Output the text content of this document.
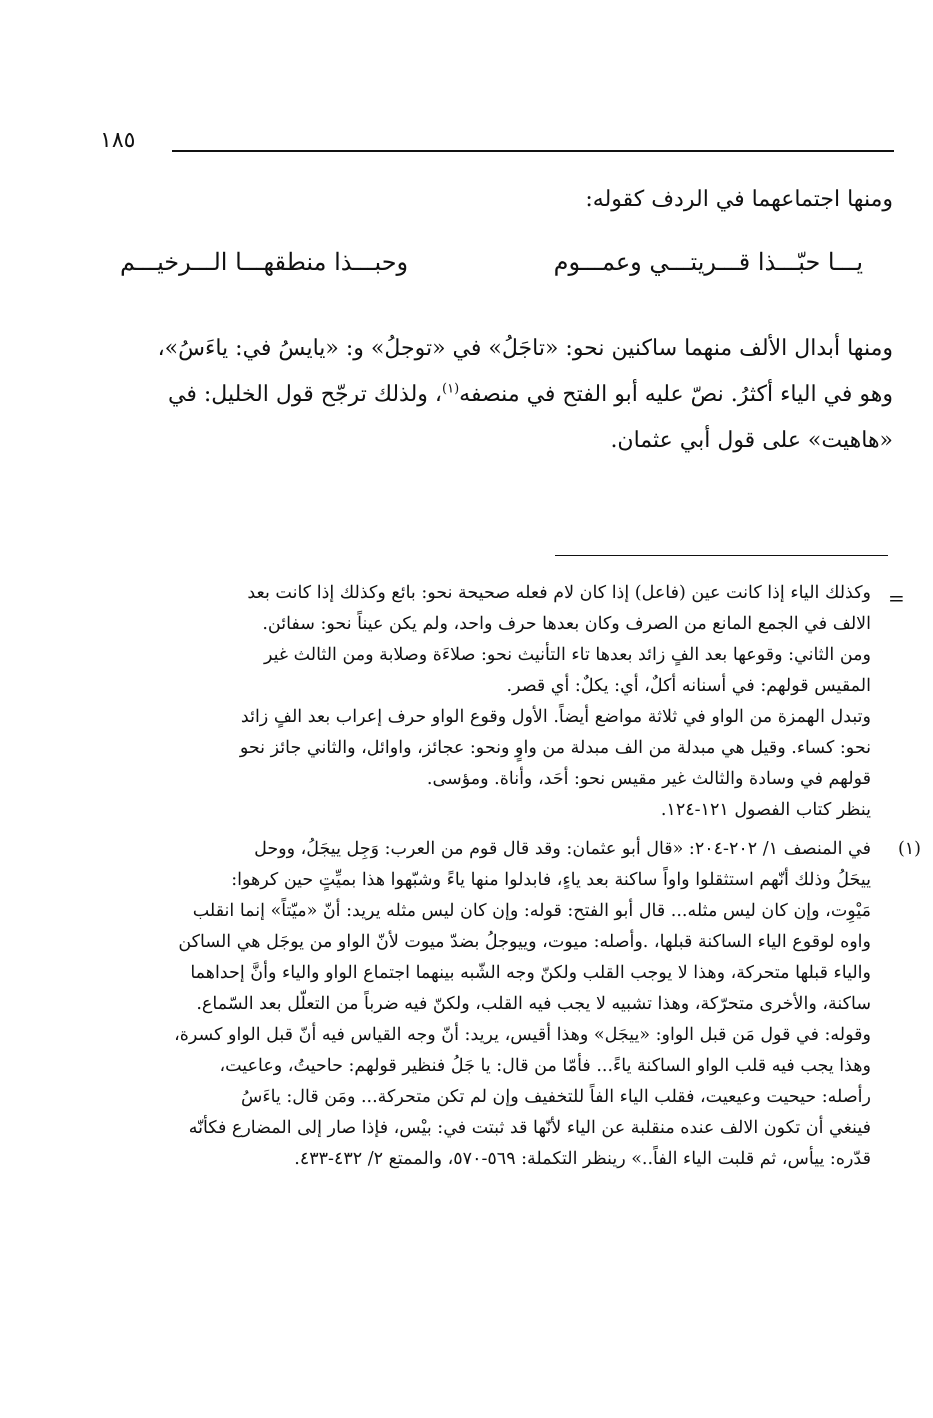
١٨٥

ومنها اجتماعهما في الردف كقوله:

يـــا حبّـــذا قـــريتـــي وعمـــوم
وحبـــذا منطقهـــا الـــرخيـــم
ومنها أبدال الألف منهما ساكنين نحو: «تاجَلُ» في «توجلُ» و: «يايسُ في: ياءَسُ»،
وهو في الياء أكثرُ. نصّ عليه أبو الفتح في منصفه$^{(١)}$، ولذلك ترجّح قول الخليل: في
«هاهيت» على قول أبي عثمان.
=
وكذلك الياء إذا كانت عين (فاعل) إذا كان لام فعله صحيحة نحو: بائع وكذلك إذا كانت بعد
الالف في الجمع المانع من الصرف وكان بعدها حرف واحد، ولم يكن عيناً نحو: سفائن.
ومن الثاني: وقوعها بعد الفٍ زائد بعدها تاء التأنيث نحو: صلاءَة وصلابة ومن الثالث غير
المقيس قولهم: في أسنانه أكلٌ، أي: يكلٌ: أي قصر.
وتبدل الهمزة من الواو في ثلاثة مواضع أيضاً. الأول وقوع الواو حرف إعراب بعد الفٍ زائد
نحو: كساء. وقيل هي مبدلة من الف مبدلة من واوٍ ونحو: عجائز، واوائل، والثاني جائز نحو
قولهم في وسادة والثالث غير مقيس نحو: أحَد، وأناة. ومؤسى.
ينظر كتاب الفصول ١٢١-١٢٤.
(١)
في المنصف ١/ ٢٠٢-٢٠٤: «قال أبو عثمان: وقد قال قوم من العرب: وَجِل ييجَلُ، ووحل
ييحَلُ وذلك أنّهم استثقلوا واواً ساكنة بعد ياءٍ، فابدلوا منها ياءً وشبّهوا هذا بميِّتٍ حين كرهوا:
مَيْوِت، وإن كان ليس مثله... قال أبو الفتح: قوله: وإن كان ليس مثله يريد: أنّ «ميّتاً» إنما انقلب
واوه لوقوع الياء الساكنة قبلها، .وأصله: ميوت، وييوجلُ بضدّ ميوت لأنّ الواو من يوجَل هي الساكن
والياء قبلها متحركة، وهذا لا يوجب القلب ولكنّ وجه الشّبه بينهما اجتماع الواو والياء وأنَّ إحداهما
ساكنة، والأخرى متحرّكة، وهذا تشبيه لا يجب فيه القلب، ولكنّ فيه ضرباً من التعلّل بعد السّماع.
وقوله: في قول مَن قبل الواو: «ييجَل» وهذا أقيس، يريد: أنّ وجه القياس فيه أنّ قبل الواو كسرة،
وهذا يجب فيه قلب الواو الساكنة ياءً... فأمّا من قال: يا جَلُ فنظير قولهم: حاحيتُ، وعاعيت،
رأصله: حيحيت وعيعيت، فقلب الياء الفاً للتخفيف وإن لم تكن متحركة... ومَن قال: ياءَسُ
فينغي أن تكون الالف عنده منقلبة عن الياء لأنّها قد ثبتت في: بيْس، فإذا صار إلى المضارع فكأنّه
قدّره: ييأس، ثم قلبت الياء الفاً..» رينظر التكملة: ٥٦٩-٥٧٠، والممتع ٢/ ٤٣٢-٤٣٣.
